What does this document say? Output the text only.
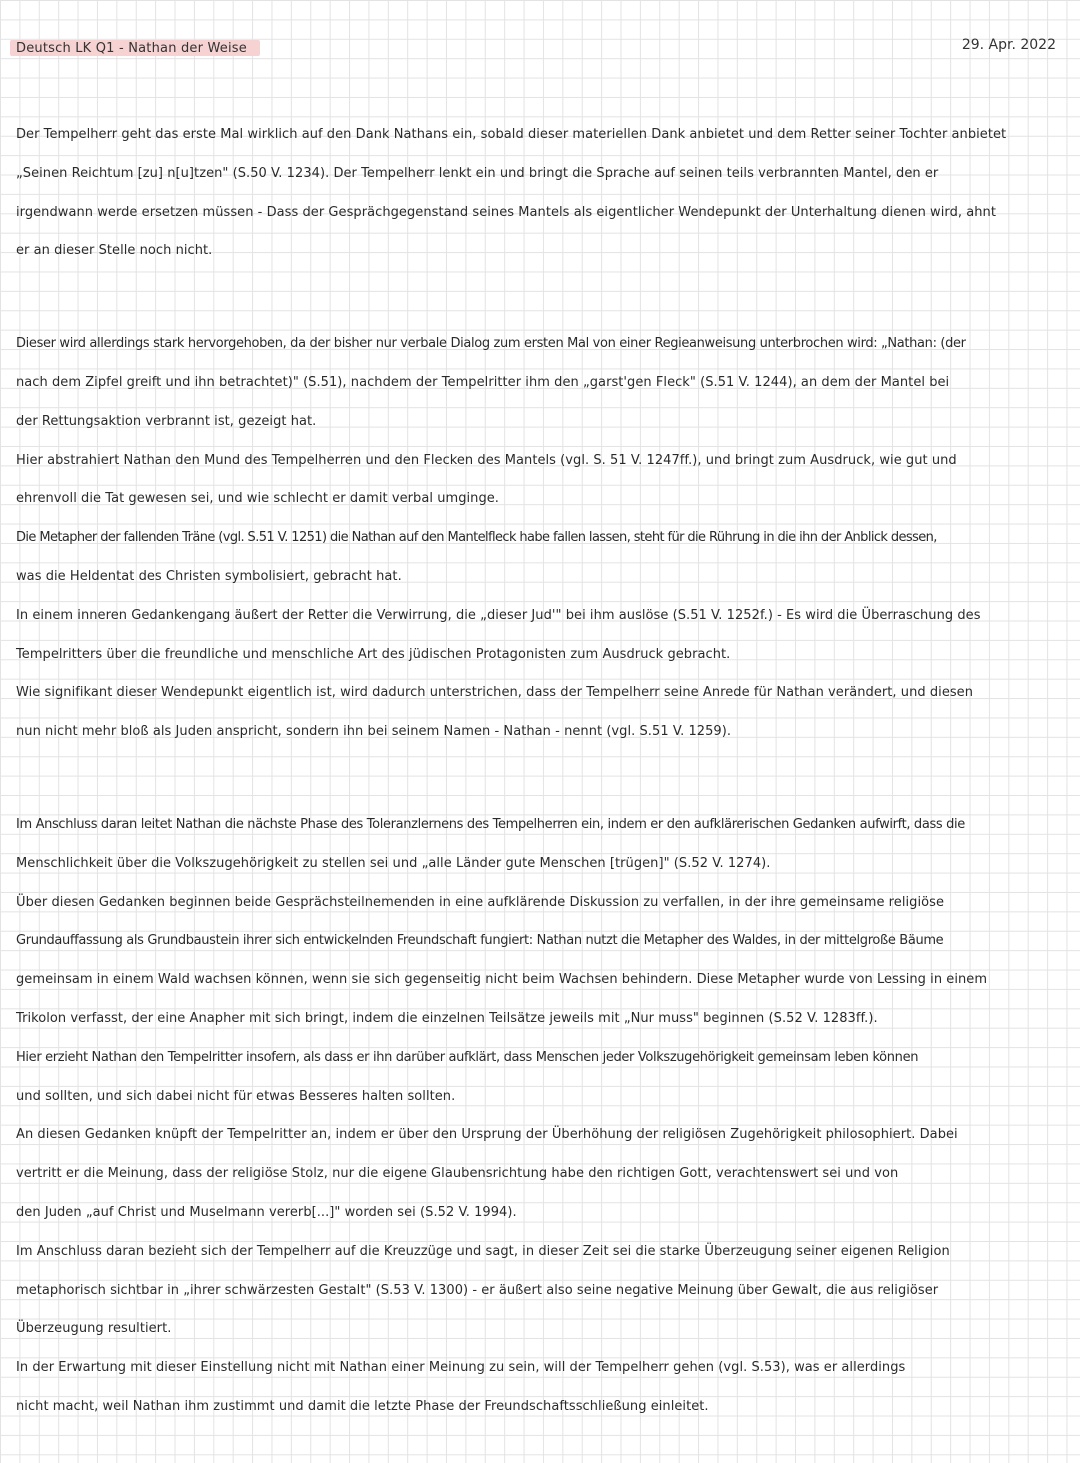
Deutsch LK Q1 - Nathan der Weise	29. Apr. 2022
Der Tempelherr geht das erste Mal wirklich auf den Dank Nathans ein, sobald dieser materiellen Dank anbietet und dem Retter seiner Tochter anbietet
„Seinen Reichtum [zu] n[u]tzen" (S.50 V. 1234). Der Tempelherr lenkt ein und bringt die Sprache auf seinen teils verbrannten Mantel, den er
irgendwann werde ersetzen müssen - Dass der Gesprächgegenstand seines Mantels als eigentlicher Wendepunkt der Unterhaltung dienen wird, ahnt
er an dieser Stelle noch nicht.
Dieser wird allerdings stark hervorgehoben, da der bisher nur verbale Dialog zum ersten Mal von einer Regieanweisung unterbrochen wird: „Nathan: (der
nach dem Zipfel greift und ihn betrachtet)" (S.51), nachdem der Tempelritter ihm den „garst'gen Fleck" (S.51 V. 1244), an dem der Mantel bei
der Rettungsaktion verbrannt ist, gezeigt hat.
Hier abstrahiert Nathan den Mund des Tempelherren und den Flecken des Mantels (vgl. S. 51 V. 1247ff.), und bringt zum Ausdruck, wie gut und
ehrenvoll die Tat gewesen sei, und wie schlecht er damit verbal umginge.
Die Metapher der fallenden Träne (vgl. S.51 V. 1251) die Nathan auf den Mantelfleck habe fallen lassen, steht für die Rührung in die ihn der Anblick dessen,
was die Heldentat des Christen symbolisiert, gebracht hat.
In einem inneren Gedankengang äußert der Retter die Verwirrung, die „dieser Jud'" bei ihm auslöse (S.51 V. 1252f.) - Es wird die Überraschung des
Tempelritters über die freundliche und menschliche Art des jüdischen Protagonisten zum Ausdruck gebracht.
Wie signifikant dieser Wendepunkt eigentlich ist, wird dadurch unterstrichen, dass der Tempelherr seine Anrede für Nathan verändert, und diesen
nun nicht mehr bloß als Juden anspricht, sondern ihn bei seinem Namen - Nathan - nennt (vgl. S.51 V. 1259).
Im Anschluss daran leitet Nathan die nächste Phase des Toleranzlernens des Tempelherren ein, indem er den aufklärerischen Gedanken aufwirft, dass die
Menschlichkeit über die Volkszugehörigkeit zu stellen sei und „alle Länder gute Menschen [trügen]" (S.52 V. 1274).
Über diesen Gedanken beginnen beide Gesprächsteilnemenden in eine aufklärende Diskussion zu verfallen, in der ihre gemeinsame religiöse
Grundauffassung als Grundbaustein ihrer sich entwickelnden Freundschaft fungiert: Nathan nutzt die Metapher des Waldes, in der mittelgroße Bäume
gemeinsam in einem Wald wachsen können, wenn sie sich gegenseitig nicht beim Wachsen behindern. Diese Metapher wurde von Lessing in einem
Trikolon verfasst, der eine Anapher mit sich bringt, indem die einzelnen Teilsätze jeweils mit „Nur muss" beginnen (S.52 V. 1283ff.).
Hier erzieht Nathan den Tempelritter insofern, als dass er ihn darüber aufklärt, dass Menschen jeder Volkszugehörigkeit gemeinsam leben können
und sollten, und sich dabei nicht für etwas Besseres halten sollten.
An diesen Gedanken knüpft der Tempelritter an, indem er über den Ursprung der Überhöhung der religiösen Zugehörigkeit philosophiert. Dabei
vertritt er die Meinung, dass der religiöse Stolz, nur die eigene Glaubensrichtung habe den richtigen Gott, verachtenswert sei und von
den Juden „auf Christ und Muselmann vererb[...]" worden sei (S.52 V. 1994).
Im Anschluss daran bezieht sich der Tempelherr auf die Kreuzzüge und sagt, in dieser Zeit sei die starke Überzeugung seiner eigenen Religion
metaphorisch sichtbar in „ihrer schwärzesten Gestalt" (S.53 V. 1300) - er äußert also seine negative Meinung über Gewalt, die aus religiöser
Überzeugung resultiert.
In der Erwartung mit dieser Einstellung nicht mit Nathan einer Meinung zu sein, will der Tempelherr gehen (vgl. S.53), was er allerdings
nicht macht, weil Nathan ihm zustimmt und damit die letzte Phase der Freundschaftsschließung einleitet.
